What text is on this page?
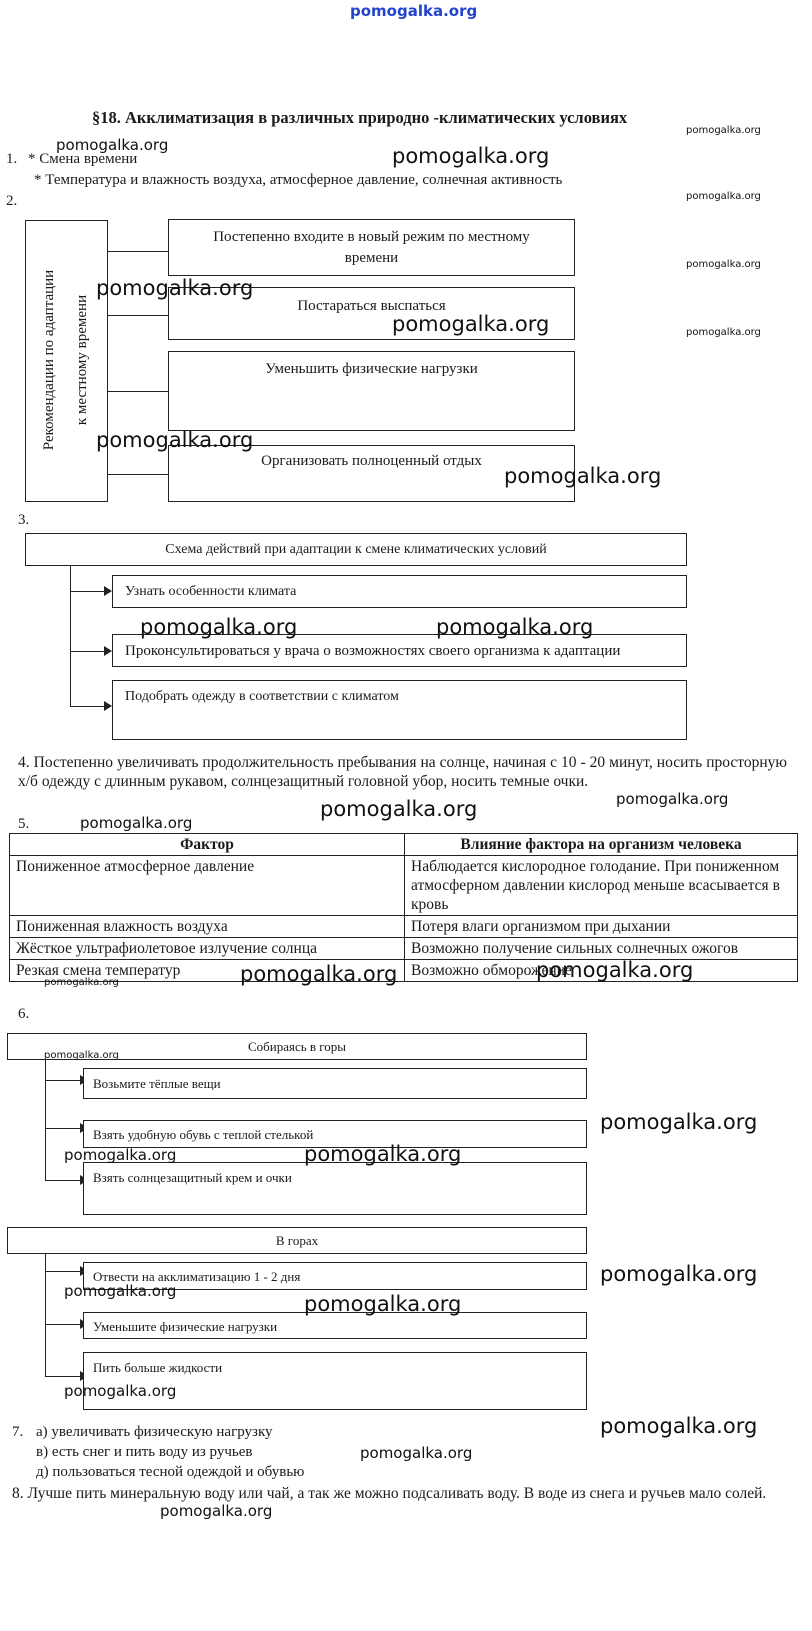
pomogalka.org
§18. Акклиматизация в различных природно -климатических условиях
1. * Смена времени
* Температура и влажность воздуха, атмосферное давление, солнечная активность
2.
Рекомендации по адаптации к местному времени
Постепенно входите в новый режим по местному
времени
Постараться выспаться
Уменьшить физические нагрузки
Организовать полноценный отдых
3.
Схема действий при адаптации к смене климатических условий
Узнать особенности климата
Проконсультироваться у врача о возможностях своего организма к адаптации
Подобрать одежду в соответствии с климатом
4. Постепенно увеличивать продолжительность пребывания на солнце, начиная с 10 - 20 минут, носить просторную х/б одежду с длинным рукавом, солнцезащитный головной убор, носить темные очки.
5.
Фактор	Влияние фактора на организм человека
Пониженное атмосферное давление	Наблюдается кислородное голодание. При пониженном атмосферном давлении кислород меньше всасывается в кровь
Пониженная влажность воздуха	Потеря влаги организмом при дыхании
Жёсткое ультрафиолетовое излучение солнца	Возможно получение сильных солнечных ожогов
Резкая смена температур	Возможно обморожение
6.
Собираясь в горы
Возьмите тёплые вещи
Взять удобную обувь с теплой стелькой
Взять солнцезащитный крем и очки
В горах
Отвести на акклиматизацию 1 - 2 дня
Уменьшите физические нагрузки
Пить больше жидкости
7. а) увеличивать физическую нагрузку
в) есть снег и пить воду из ручьев
д) пользоваться тесной одеждой и обувью
8. Лучше пить минеральную воду или чай, а так же можно подсаливать воду. В воде из снега и ручьев мало солей.
pomogalka.org	pomogalka.org
pomogalka.org
pomogalka.org
pomogalka.org
pomogalka.org
pomogalka.org
pomogalka.org
pomogalka.org
pomogalka.org
pomogalka.org	pomogalka.org
pomogalka.org	pomogalka.org
pomogalka.org
pomogalka.org	pomogalka.org
pomogalka.org
pomogalka.org
pomogalka.org
pomogalka.org	pomogalka.org
pomogalka.org
pomogalka.org
pomogalka.org
pomogalka.org
pomogalka.org
pomogalka.org
pomogalka.org
